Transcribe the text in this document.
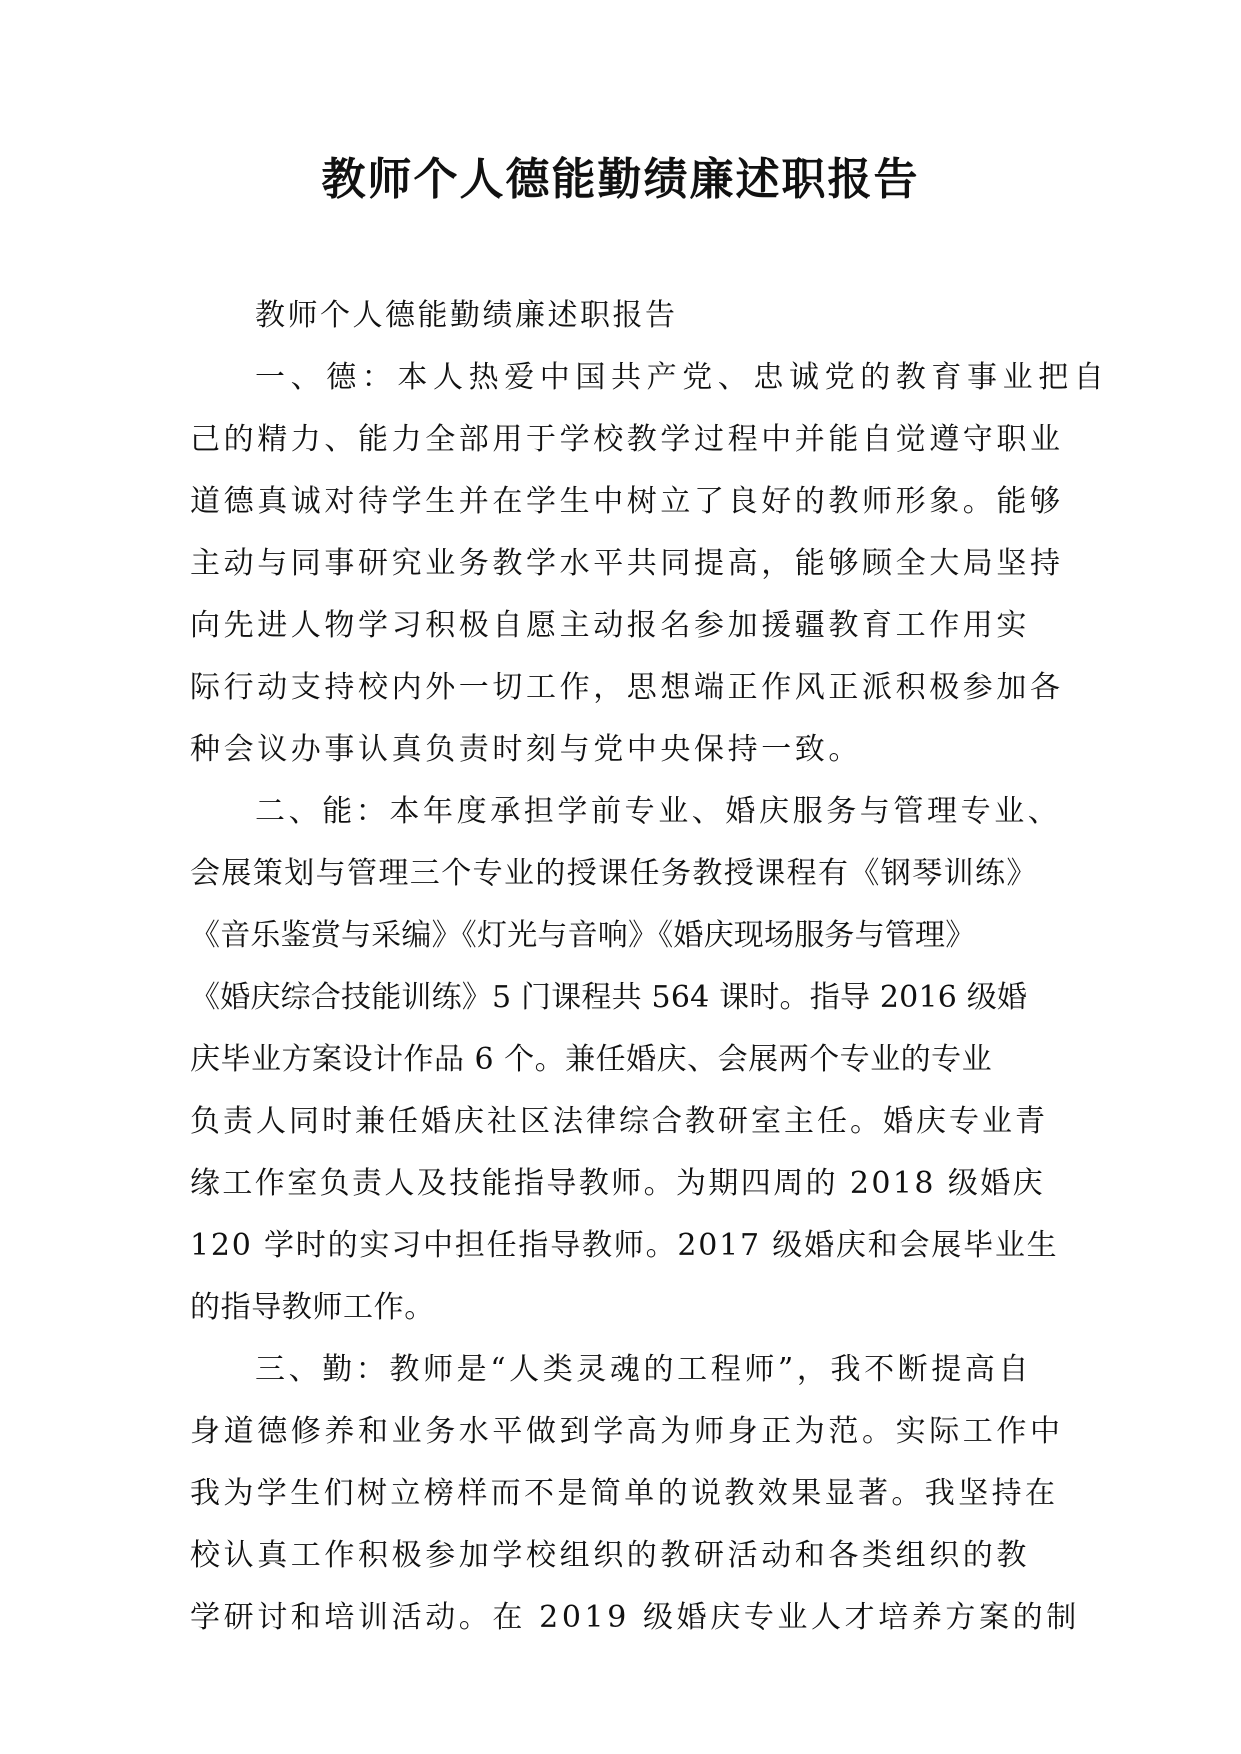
教师个人德能勤绩廉述职报告
教师个人德能勤绩廉述职报告
一、德：本人热爱中国共产党、忠诚党的教育事业把自
己的精力、能力全部用于学校教学过程中并能自觉遵守职业
道德真诚对待学生并在学生中树立了良好的教师形象。能够
主动与同事研究业务教学水平共同提高，能够顾全大局坚持
向先进人物学习积极自愿主动报名参加援疆教育工作用实
际行动支持校内外一切工作，思想端正作风正派积极参加各
种会议办事认真负责时刻与党中央保持一致。
二、能：本年度承担学前专业、婚庆服务与管理专业、
会展策划与管理三个专业的授课任务教授课程有《钢琴训练》
《音乐鉴赏与采编》《灯光与音响》《婚庆现场服务与管理》
《婚庆综合技能训练》5 门课程共 564 课时。指导 2016 级婚
庆毕业方案设计作品 6 个。兼任婚庆、会展两个专业的专业
负责人同时兼任婚庆社区法律综合教研室主任。婚庆专业青
缘工作室负责人及技能指导教师。为期四周的 2018 级婚庆
120 学时的实习中担任指导教师。2017 级婚庆和会展毕业生
的指导教师工作。
三、勤：教师是“人类灵魂的工程师”，我不断提高自
身道德修养和业务水平做到学高为师身正为范。实际工作中
我为学生们树立榜样而不是简单的说教效果显著。我坚持在
校认真工作积极参加学校组织的教研活动和各类组织的教
学研讨和培训活动。在 2019 级婚庆专业人才培养方案的制
